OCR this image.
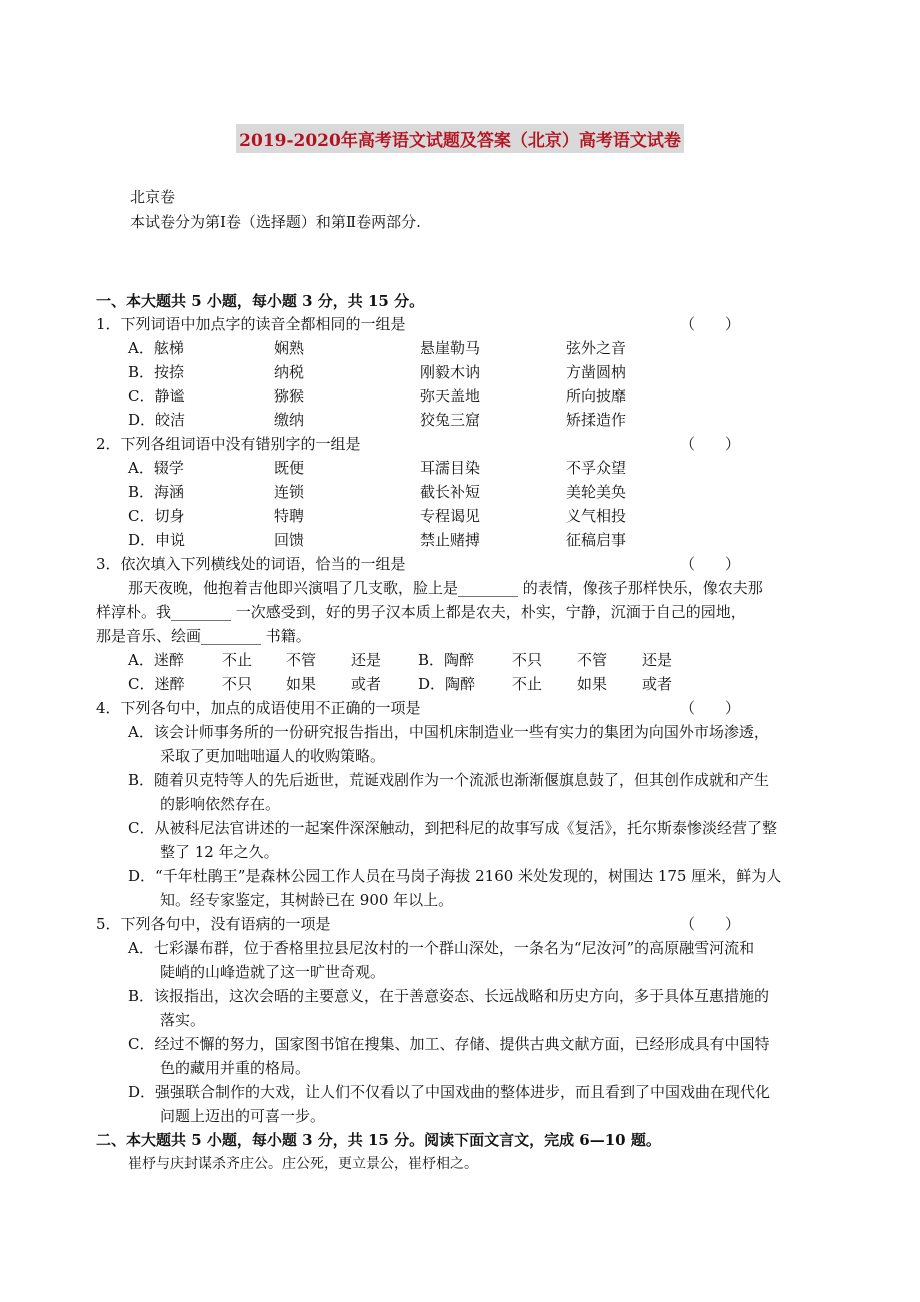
2019-2020年高考语文试题及答案（北京）高考语文试卷
北京卷
本试卷分为第Ⅰ卷（选择题）和第Ⅱ卷两部分.
一、本大题共 5 小题，每小题 3 分，共 15 分。
1．下列词语中加点字的读音全都相同的一组是	（　　）
A．舷梯	娴熟	悬崖勒马	弦外之音
B．按捺	纳税	刚毅木讷	方凿圆枘
C．静谧	猕猴	弥天盖地	所向披靡
D．皎洁	缴纳	狡兔三窟	矫揉造作
2．下列各组词语中没有错别字的一组是	（　　）
A．辍学	既便	耳濡目染	不孚众望
B．海涵	连锁	截长补短	美轮美奂
C．切身	特聘	专程谒见	义气相投
D．申说	回馈	禁止赌搏	征稿启事
3．依次填入下列横线处的词语，恰当的一组是	（　　）
那天夜晚，他抱着吉他即兴演唱了几支歌，脸上是________ 的表情，像孩子那样快乐，像农夫那
样淳朴。我________ 一次感受到，好的男子汉本质上都是农夫，朴实，宁静，沉湎于自己的园地，
那是音乐、绘画________ 书籍。
A．迷醉	不止 不管 还是 B．陶醉	不只 不管 还是
C．迷醉	不只 如果 或者 D．陶醉 不止 如果 或者
4．下列各句中，加点的成语使用不正确的一项是	（　　）
A．该会计师事务所的一份研究报告指出，中国机床制造业一些有实力的集团为向国外市场渗透，
采取了更加咄咄逼人的收购策略。
B．随着贝克特等人的先后逝世，荒诞戏剧作为一个流派也渐渐偃旗息鼓了，但其创作成就和产生
的影响依然存在。
C．从被科尼法官讲述的一起案件深深触动，到把科尼的故事写成《复活》，托尔斯泰惨淡经营了整
整了 12 年之久。
D．“千年杜鹃王”是森林公园工作人员在马岗子海拔 2160 米处发现的，树围达 175 厘米，鲜为人
知。经专家鉴定，其树龄已在 900 年以上。
5．下列各句中，没有语病的一项是	（　　）
A．七彩瀑布群，位于香格里拉县尼汝村的一个群山深处，一条名为“尼汝河”的高原融雪河流和
陡峭的山峰造就了这一旷世奇观。
B．该报指出，这次会晤的主要意义，在于善意姿态、长远战略和历史方向，多于具体互惠措施的
落实。
C．经过不懈的努力，国家图书馆在搜集、加工、存储、提供古典文献方面，已经形成具有中国特
色的藏用并重的格局。
D．强强联合制作的大戏，让人们不仅看以了中国戏曲的整体进步，而且看到了中国戏曲在现代化
问题上迈出的可喜一步。
二、本大题共 5 小题，每小题 3 分，共 15 分。阅读下面文言文，完成 6—10 题。
崔杼与庆封谋杀齐庄公。庄公死，更立景公，崔杼相之。
